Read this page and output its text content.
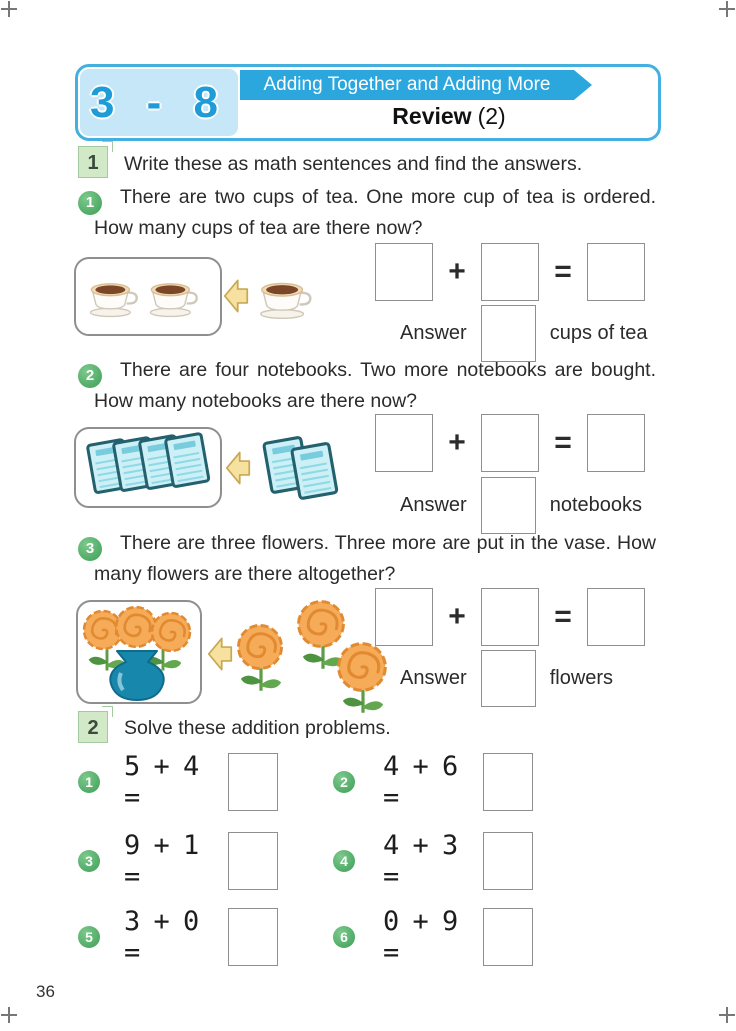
3 - 8	Adding Together and Adding More
Review (2)
1	Write these as math sentences and find the answers.

1 There are two cups of tea. One more cup of tea is ordered. How many cups of tea are there now?

+	=
Answer	cups of tea

2 There are four notebooks. Two more notebooks are bought. How many notebooks are there now?

+	=
Answer	notebooks

3 There are three flowers. Three more are put in the vase. How many flowers are there altogether?

+	=
Answer	flowers
2	Solve these addition problems.
1 5 + 4 =	2 4 + 6 =
3 9 + 1 =	4 4 + 3 =
5 3 + 0 =	6 0 + 9 =
36
